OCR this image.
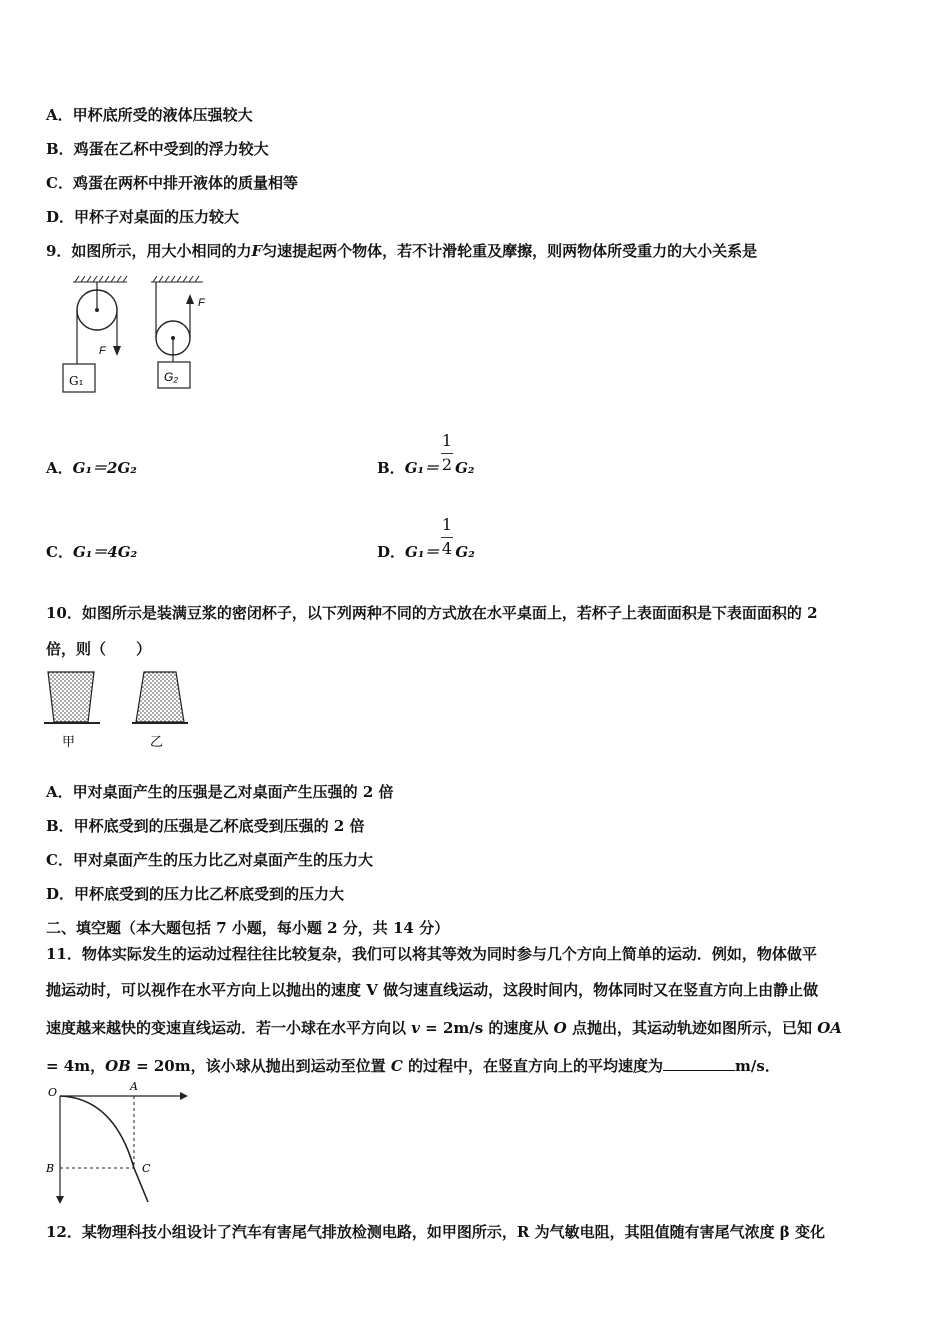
A．甲杯底所受的液体压强较大
B．鸡蛋在乙杯中受到的浮力较大
C．鸡蛋在两杯中排开液体的质量相等
D．甲杯子对桌面的压力较大
9．如图所示，用大小相同的力F匀速提起两个物体，若不计滑轮重及摩擦，则两物体所受重力的大小关系是
F
G₁
F
G₂
A．G₁＝2G₂	B．G₁＝ G₂
1
2
C．G₁＝4G₂	D．G₁＝ G₂
1
4
10．如图所示是装满豆浆的密闭杯子，以下列两种不同的方式放在水平桌面上，若杯子上表面面积是下表面面积的 2
倍，则（　　）
甲	乙
A．甲对桌面产生的压强是乙对桌面产生压强的 2 倍
B．甲杯底受到的压强是乙杯底受到压强的 2 倍
C．甲对桌面产生的压力比乙对桌面产生的压力大
D．甲杯底受到的压力比乙杯底受到的压力大
二、填空题（本大题包括 7 小题，每小题 2 分，共 14 分）
11．物体实际发生的运动过程往往比较复杂，我们可以将其等效为同时参与几个方向上简单的运动．例如，物体做平
抛运动时，可以视作在水平方向上以抛出的速度 V 做匀速直线运动，这段时间内，物体同时又在竖直方向上由静止做
速度越来越快的变速直线运动．若一小球在水平方向以 v = 2m/s 的速度从 O 点抛出，其运动轨迹如图所示，已知 OA
= 4m，OB = 20m，该小球从抛出到运动至位置 C 的过程中，在竖直方向上的平均速度为	m/s．
O	A
B	C
12．某物理科技小组设计了汽车有害尾气排放检测电路，如甲图所示，R 为气敏电阻，其阻值随有害尾气浓度 β 变化
